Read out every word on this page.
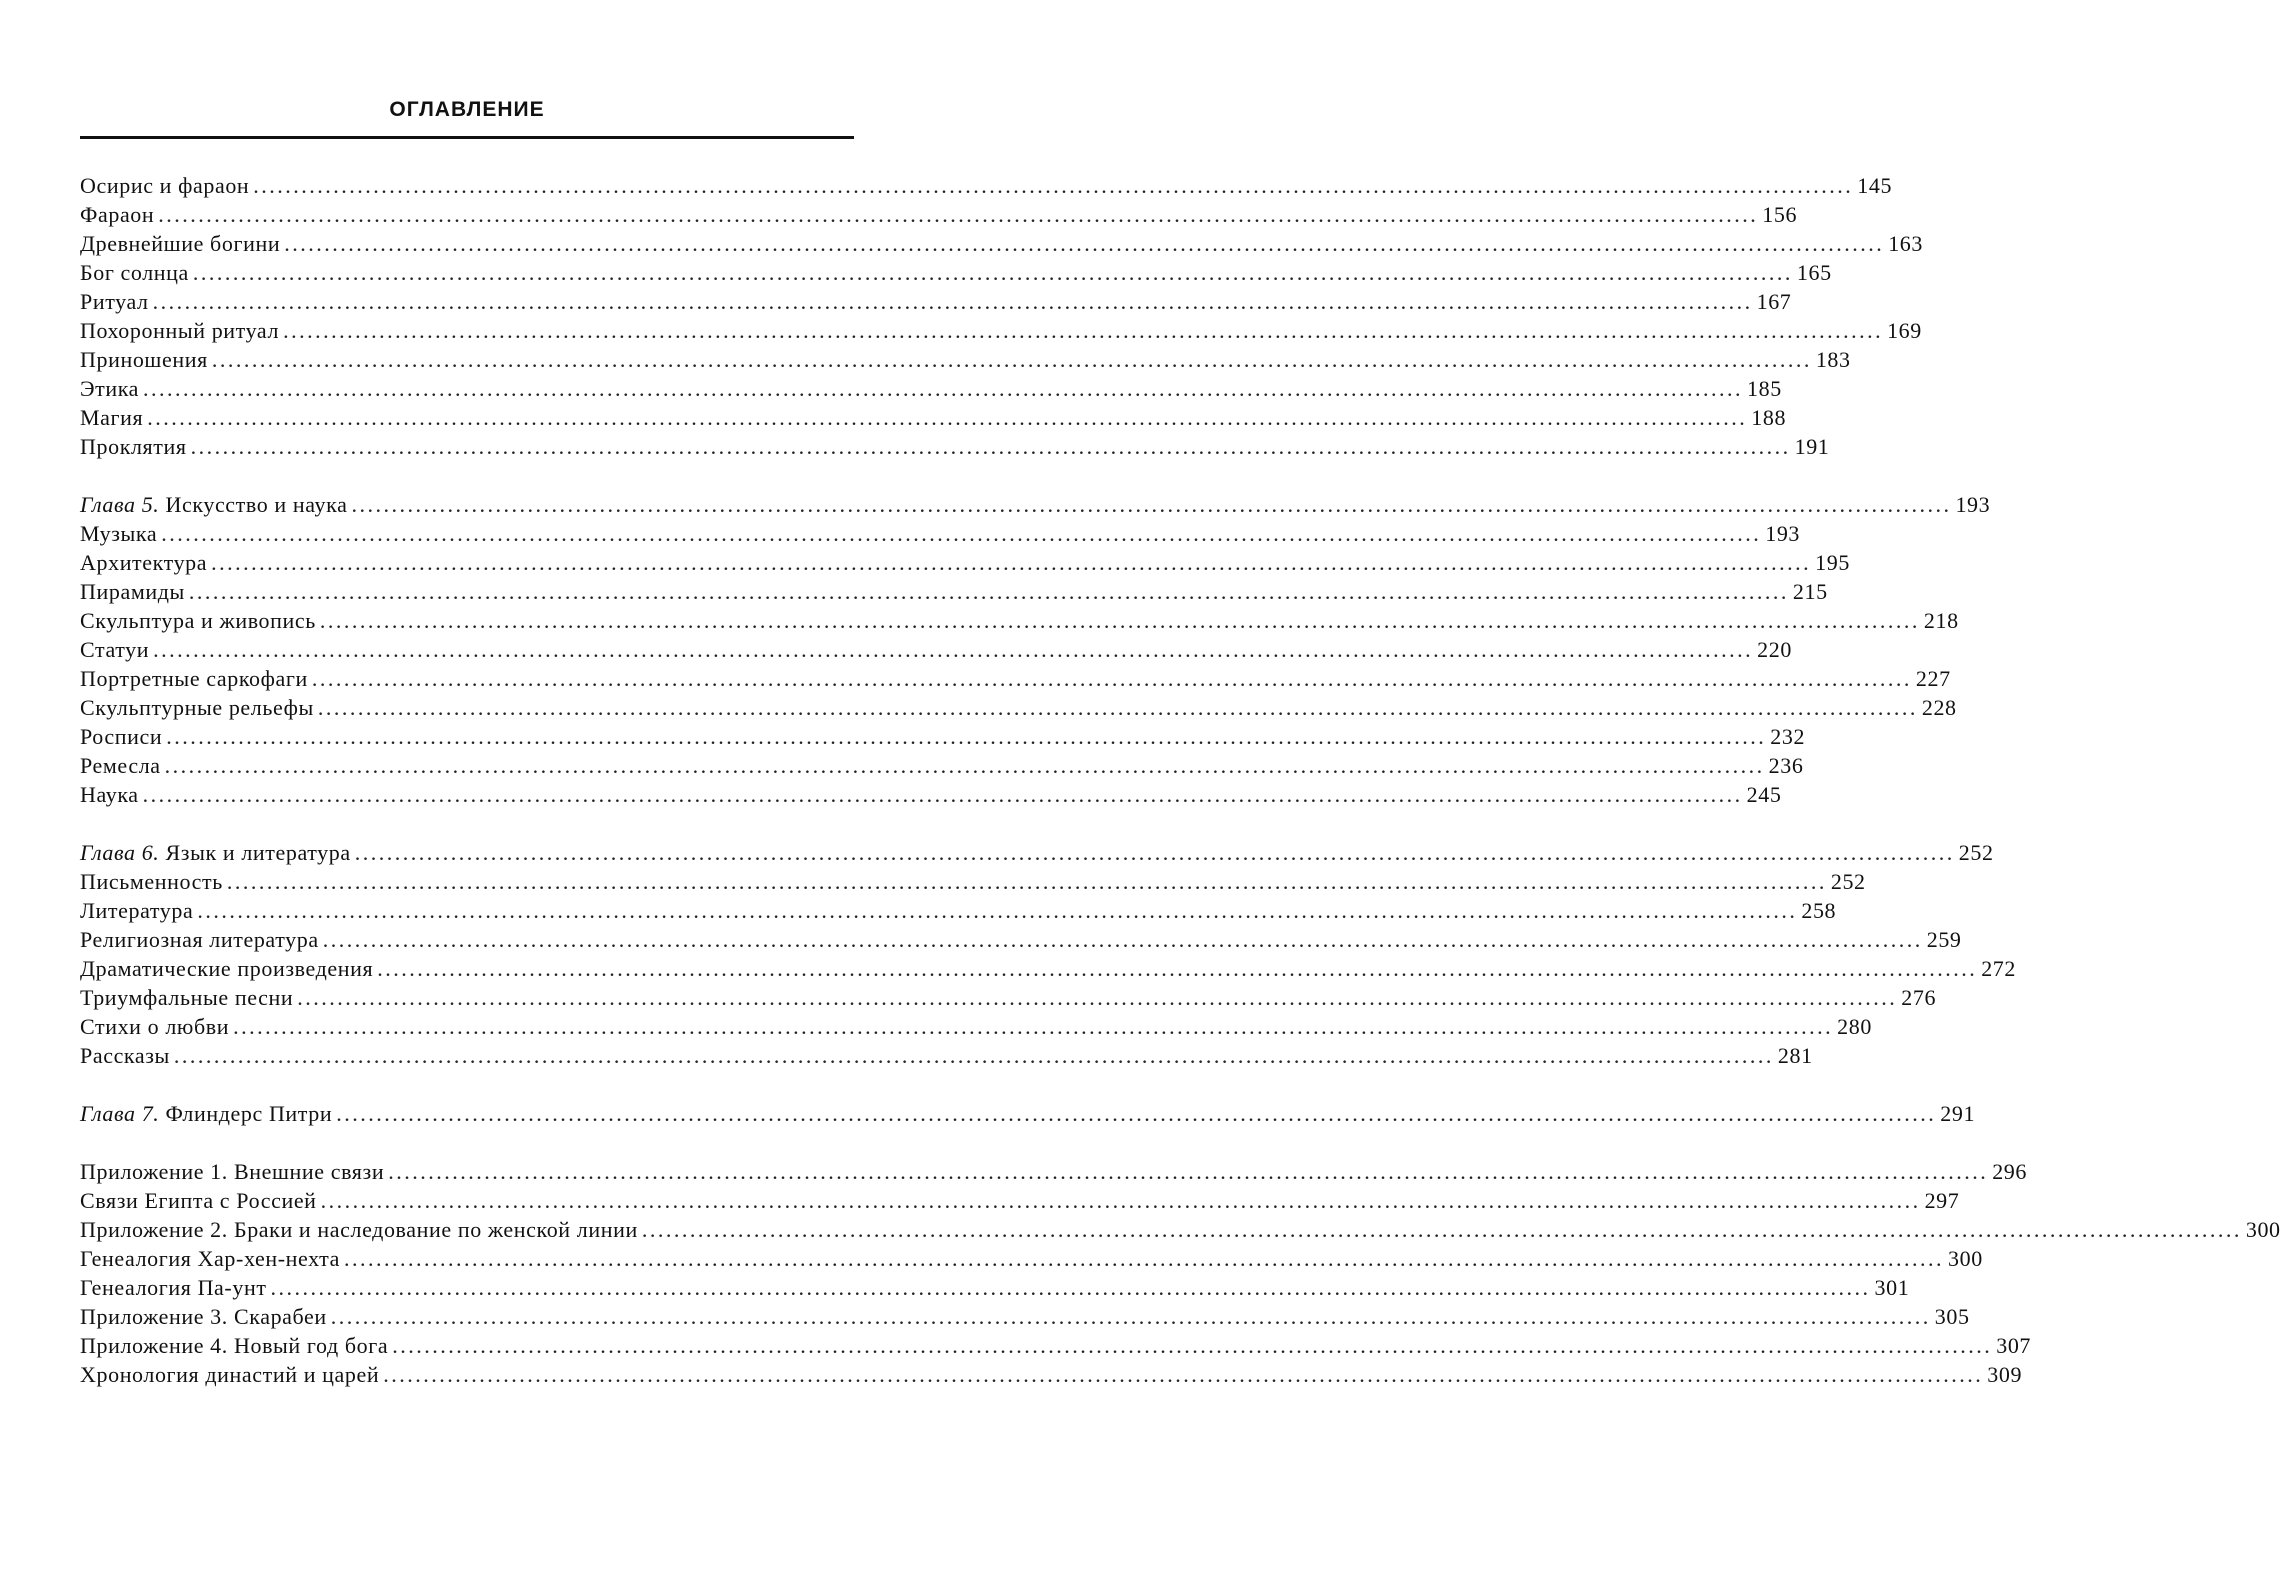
ОГЛАВЛЕНИЕ
Осирис и фараон ........................................................................................................................................................................................................ 145
Фараон ........................................................................................................................................................................................................ 156
Древнейшие богини ........................................................................................................................................................................................................ 163
Бог солнца ........................................................................................................................................................................................................ 165
Ритуал ........................................................................................................................................................................................................ 167
Похоронный ритуал ........................................................................................................................................................................................................ 169
Приношения ........................................................................................................................................................................................................ 183
Этика ........................................................................................................................................................................................................ 185
Магия ........................................................................................................................................................................................................ 188
Проклятия ........................................................................................................................................................................................................ 191
Глава 5. Искусство и наука ........................................................................................................................................................................................................ 193
Музыка ........................................................................................................................................................................................................ 193
Архитектура ........................................................................................................................................................................................................ 195
Пирамиды ........................................................................................................................................................................................................ 215
Скульптура и живопись ........................................................................................................................................................................................................ 218
Статуи ........................................................................................................................................................................................................ 220
Портретные саркофаги ........................................................................................................................................................................................................ 227
Скульптурные рельефы ........................................................................................................................................................................................................ 228
Росписи ........................................................................................................................................................................................................ 232
Ремесла ........................................................................................................................................................................................................ 236
Наука ........................................................................................................................................................................................................ 245
Глава 6. Язык и литература ........................................................................................................................................................................................................ 252
Письменность ........................................................................................................................................................................................................ 252
Литература ........................................................................................................................................................................................................ 258
Религиозная литература ........................................................................................................................................................................................................ 259
Драматические произведения ........................................................................................................................................................................................................ 272
Триумфальные песни ........................................................................................................................................................................................................ 276
Стихи о любви ........................................................................................................................................................................................................ 280
Рассказы ........................................................................................................................................................................................................ 281
Глава 7. Флиндерс Питри ........................................................................................................................................................................................................ 291
Приложение 1. Внешние связи ........................................................................................................................................................................................................ 296
Связи Египта с Россией ........................................................................................................................................................................................................ 297
Приложение 2. Браки и наследование по женской линии ........................................................................................................................................................................................................ 300
Генеалогия Хар-хен-нехта ........................................................................................................................................................................................................ 300
Генеалогия Па-унт ........................................................................................................................................................................................................ 301
Приложение 3. Скарабеи ........................................................................................................................................................................................................ 305
Приложение 4. Новый год бога ........................................................................................................................................................................................................ 307
Хронология династий и царей ........................................................................................................................................................................................................ 309
